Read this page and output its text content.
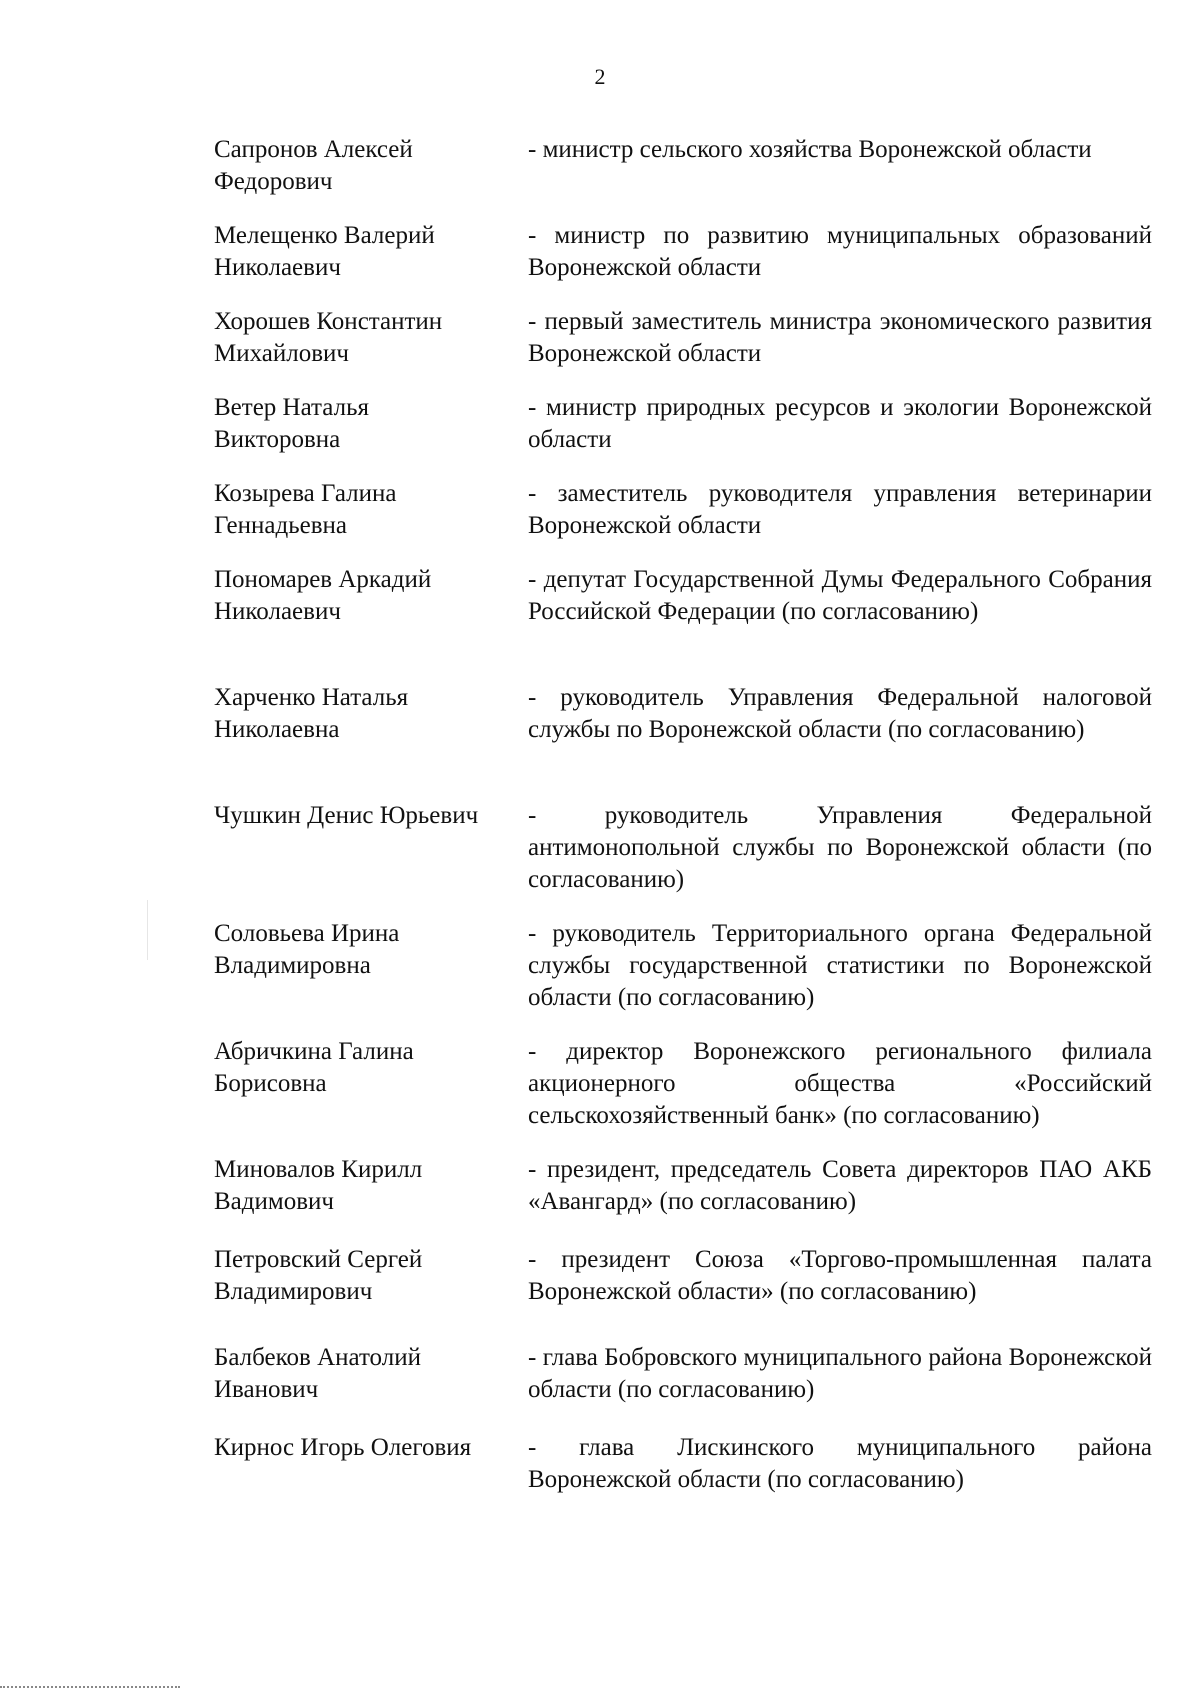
2
Сапронов Алексей
Федорович
- министр сельского хозяйства Воронежской области
Мелещенко Валерий
Николаевич
- министр по развитию муниципальных образований Воронежской области
Хорошев Константин
Михайлович
- первый заместитель министра экономического развития Воронежской области
Ветер Наталья
Викторовна
- министр природных ресурсов и экологии Воронежской области
Козырева Галина
Геннадьевна
- заместитель руководителя управления ветеринарии Воронежской области
Пономарев Аркадий
Николаевич
- депутат Государственной Думы Федерального Собрания Российской Федерации (по согласованию)
Харченко Наталья
Николаевна
- руководитель Управления Федеральной налоговой службы по Воронежской области (по согласованию)
Чушкин Денис Юрьевич	- руководитель Управления Федеральной антимонопольной службы по Воронежской области (по согласованию)
Соловьева Ирина
Владимировна
- руководитель Территориального органа Федеральной службы государственной статистики по Воронежской области (по согласованию)
Абричкина Галина
Борисовна
- директор Воронежского регионального филиала акционерного общества «Российский сельскохозяйственный банк» (по согласованию)
Миновалов Кирилл
Вадимович
- президент, председатель Совета директоров ПАО АКБ «Авангард» (по согласованию)
Петровский Сергей
Владимирович
- президент Союза «Торгово-промышленная палата Воронежской области» (по согласованию)
Балбеков Анатолий
Иванович
- глава Бобровского муниципального района Воронежской области (по согласованию)
Кирнос Игорь Олеговия	- глава Лискинского муниципального района Воронежской области (по согласованию)
